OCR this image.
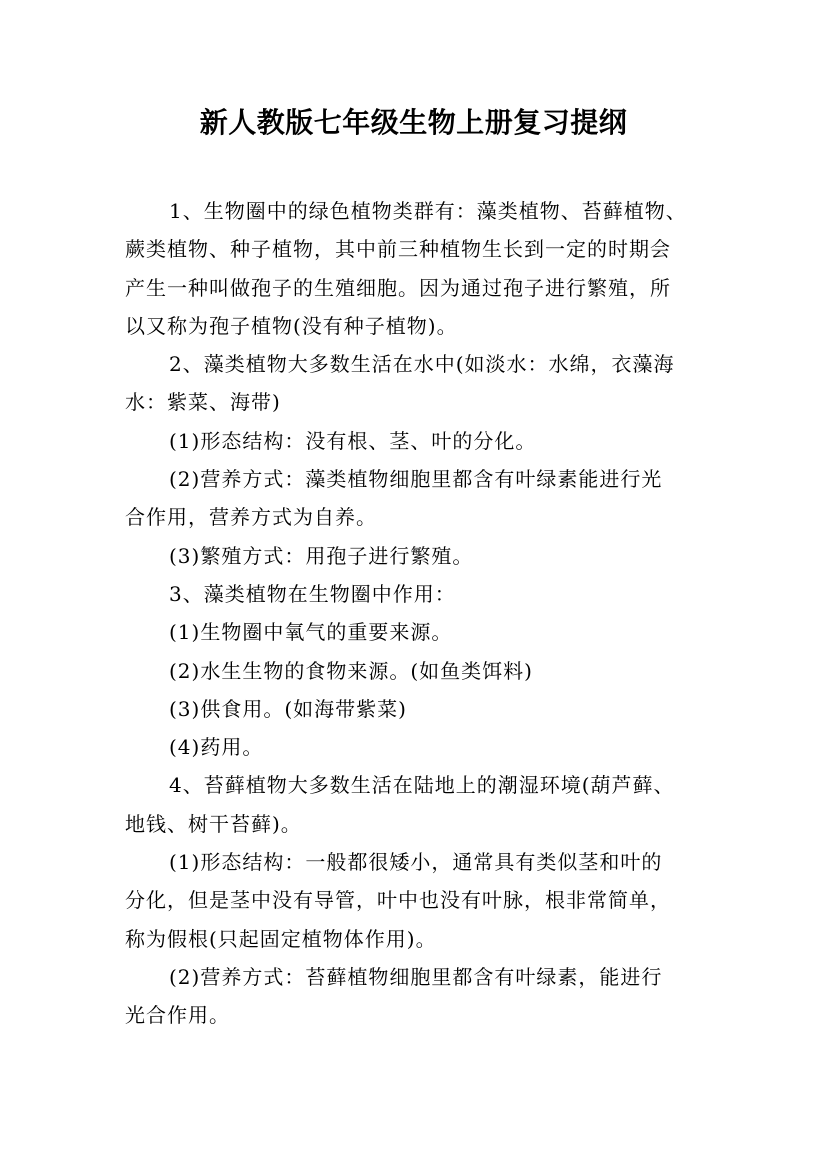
新人教版七年级生物上册复习提纲

1、生物圈中的绿色植物类群有：藻类植物、苔藓植物、
蕨类植物、种子植物，其中前三种植物生长到一定的时期会
产生一种叫做孢子的生殖细胞。因为通过孢子进行繁殖，所
以又称为孢子植物(没有种子植物)。

2、藻类植物大多数生活在水中(如淡水：水绵，衣藻海
水：紫菜、海带)

(1)形态结构：没有根、茎、叶的分化。

(2)营养方式：藻类植物细胞里都含有叶绿素能进行光
合作用，营养方式为自养。

(3)繁殖方式：用孢子进行繁殖。

3、藻类植物在生物圈中作用：

(1)生物圈中氧气的重要来源。

(2)水生生物的食物来源。(如鱼类饵料)

(3)供食用。(如海带紫菜)

(4)药用。

4、苔藓植物大多数生活在陆地上的潮湿环境(葫芦藓、
地钱、树干苔藓)。

(1)形态结构：一般都很矮小，通常具有类似茎和叶的
分化，但是茎中没有导管，叶中也没有叶脉，根非常简单，
称为假根(只起固定植物体作用)。

(2)营养方式：苔藓植物细胞里都含有叶绿素，能进行
光合作用。
